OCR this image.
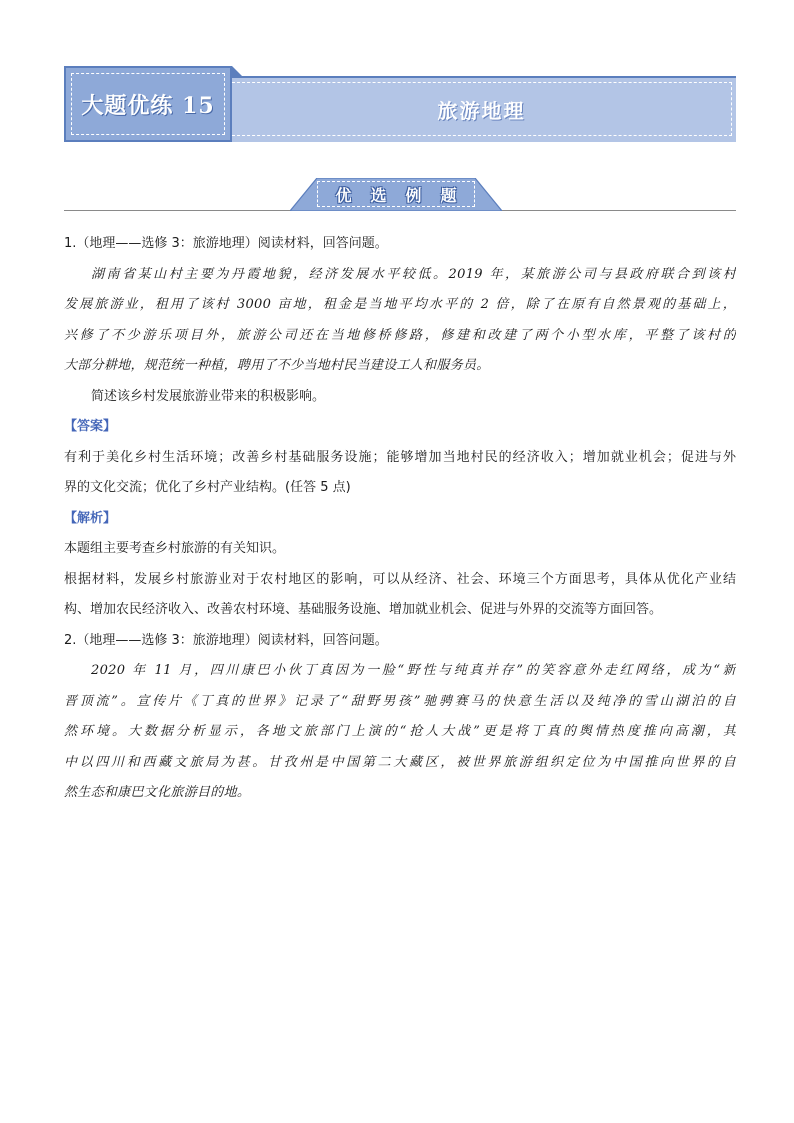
大题优练 15	旅游地理
优 选 例 题
1.（地理——选修 3：旅游地理）阅读材料，回答问题。
湖南省某山村主要为丹霞地貌，经济发展水平较低。2019 年，某旅游公司与县政府联合到该村
发展旅游业，租用了该村 3000 亩地，租金是当地平均水平的 2 倍，除了在原有自然景观的基础上，
兴修了不少游乐项目外，旅游公司还在当地修桥修路，修建和改建了两个小型水库，平整了该村的
大部分耕地，规范统一种植，聘用了不少当地村民当建设工人和服务员。
简述该乡村发展旅游业带来的积极影响。
【答案】
有利于美化乡村生活环境；改善乡村基础服务设施；能够增加当地村民的经济收入；增加就业机会；促进与外
界的文化交流；优化了乡村产业结构。(任答 5 点)
【解析】
本题组主要考查乡村旅游的有关知识。
根据材料，发展乡村旅游业对于农村地区的影响，可以从经济、社会、环境三个方面思考，具体从优化产业结
构、增加农民经济收入、改善农村环境、基础服务设施、增加就业机会、促进与外界的交流等方面回答。
2.（地理——选修 3：旅游地理）阅读材料，回答问题。
2020 年 11 月，四川康巴小伙丁真因为一脸“野性与纯真并存”的笑容意外走红网络，成为“新
晋顶流”。宣传片《丁真的世界》记录了“甜野男孩”驰骋赛马的快意生活以及纯净的雪山湖泊的自
然环境。大数据分析显示，各地文旅部门上演的“抢人大战”更是将丁真的舆情热度推向高潮，其
中以四川和西藏文旅局为甚。甘孜州是中国第二大藏区，被世界旅游组织定位为中国推向世界的自
然生态和康巴文化旅游目的地。
